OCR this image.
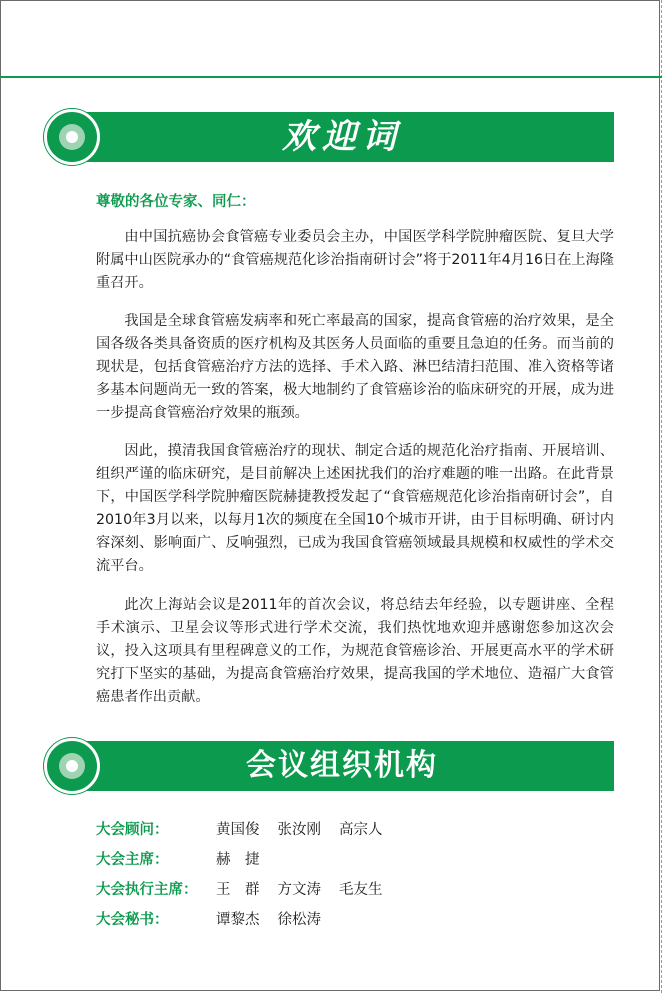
欢迎词
尊敬的各位专家、同仁：

由中国抗癌协会食管癌专业委员会主办，中国医学科学院肿瘤医院、复旦大学附属中山医院承办的“食管癌规范化诊治指南研讨会”将于2011年4月16日在上海隆重召开。

我国是全球食管癌发病率和死亡率最高的国家，提高食管癌的治疗效果，是全国各级各类具备资质的医疗机构及其医务人员面临的重要且急迫的任务。而当前的现状是，包括食管癌治疗方法的选择、手术入路、淋巴结清扫范围、准入资格等诸多基本问题尚无一致的答案，极大地制约了食管癌诊治的临床研究的开展，成为进一步提高食管癌治疗效果的瓶颈。

因此，摸清我国食管癌治疗的现状、制定合适的规范化治疗指南、开展培训、组织严谨的临床研究，是目前解决上述困扰我们的治疗难题的唯一出路。在此背景下，中国医学科学院肿瘤医院赫捷教授发起了“食管癌规范化诊治指南研讨会”，自2010年3月以来，以每月1次的频度在全国10个城市开讲，由于目标明确、研讨内容深刻、影响面广、反响强烈，已成为我国食管癌领域最具规模和权威性的学术交流平台。

此次上海站会议是2011年的首次会议，将总结去年经验，以专题讲座、全程手术演示、卫星会议等形式进行学术交流，我们热忱地欢迎并感谢您参加这次会议，投入这项具有里程碑意义的工作，为规范食管癌诊治、开展更高水平的学术研究打下坚实的基础，为提高食管癌治疗效果，提高我国的学术地位、造福广大食管癌患者作出贡献。

会议组织机构
大会顾问：	黄国俊 张汝刚 高宗人
大会主席：	赫　捷
大会执行主席： 王　群 方文涛 毛友生
大会秘书：	谭黎杰 徐松涛
